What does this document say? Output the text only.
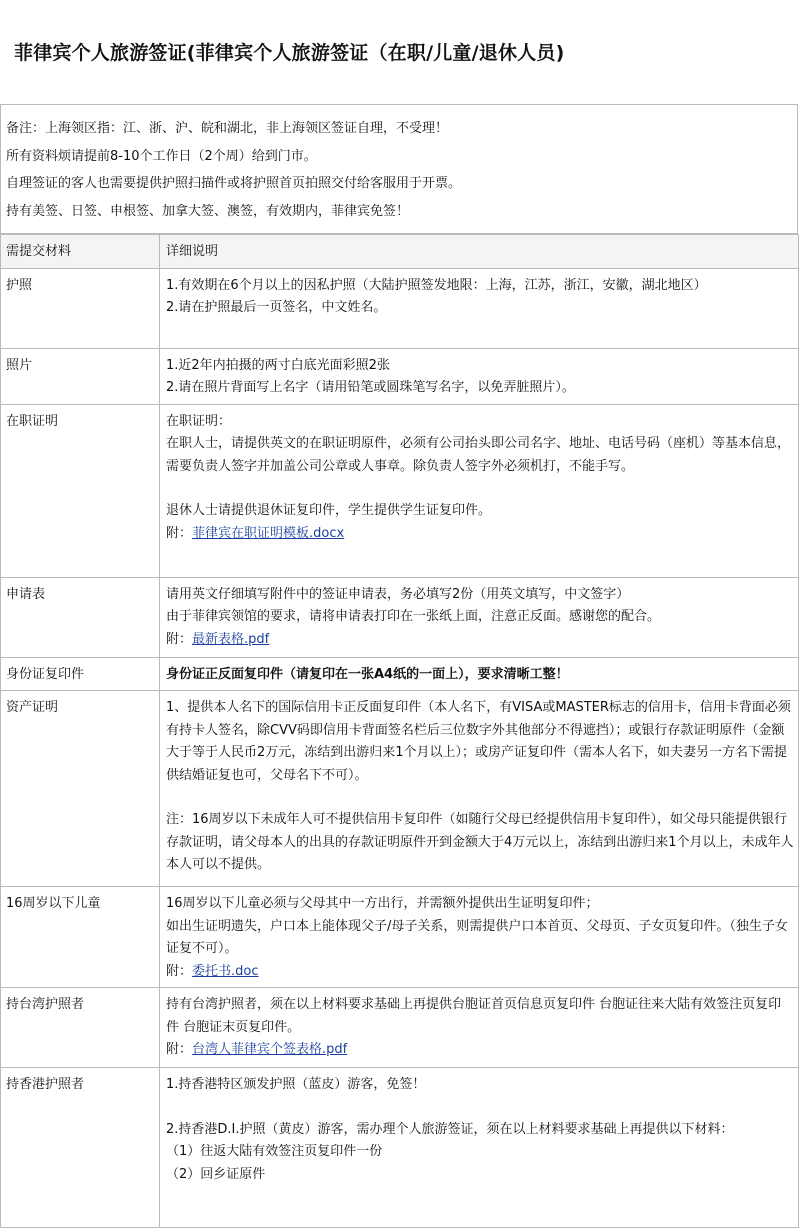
菲律宾个人旅游签证(菲律宾个人旅游签证（在职/儿童/退休人员)
备注：上海领区指：江、浙、沪、皖和湖北，非上海领区签证自理，不受理！
所有资料烦请提前8-10个工作日（2个周）给到门市。
自理签证的客人也需要提供护照扫描件或将护照首页拍照交付给客服用于开票。
持有美签、日签、申根签、加拿大签、澳签，有效期内，菲律宾免签！
需提交材料	详细说明
护照	1.有效期在6个月以上的因私护照（大陆护照签发地限：上海，江苏，浙江，安徽，湖北地区）
2.请在护照最后一页签名，中文姓名。

照片	1.近2年内拍摄的两寸白底光面彩照2张
2.请在照片背面写上名字（请用铅笔或圆珠笔写名字，以免弄脏照片）。

在职证明	在职证明：
在职人士，请提供英文的在职证明原件，必须有公司抬头即公司名字、地址、电话号码（座机）等基本信息，需要负责人签字并加盖公司公章或人事章。除负责人签字外必须机打，不能手写。
退休人士请提供退休证复印件，学生提供学生证复印件。
附：菲律宾在职证明模板.docx

申请表	请用英文仔细填写附件中的签证申请表，务必填写2份（用英文填写，中文签字）
由于菲律宾领馆的要求，请将申请表打印在一张纸上面，注意正反面。感谢您的配合。
附：最新表格.pdf

身份证复印件	身份证正反面复印件（请复印在一张A4纸的一面上），要求清晰工整！

资产证明	1、提供本人名下的国际信用卡正反面复印件（本人名下，有VISA或MASTER标志的信用卡，信用卡背面必须有持卡人签名，除CVV码即信用卡背面签名栏后三位数字外其他部分不得遮挡）；或银行存款证明原件（金额大于等于人民币2万元，冻结到出游归来1个月以上）；或房产证复印件（需本人名下，如夫妻另一方名下需提供结婚证复也可，父母名下不可）。
注：16周岁以下未成年人可不提供信用卡复印件（如随行父母已经提供信用卡复印件），如父母只能提供银行存款证明，请父母本人的出具的存款证明原件开到金额大于4万元以上，冻结到出游归来1个月以上，未成年人本人可以不提供。

16周岁以下儿童	16周岁以下儿童必须与父母其中一方出行，并需额外提供出生证明复印件；
如出生证明遗失，户口本上能体现父子/母子关系，则需提供户口本首页、父母页、子女页复印件。（独生子女证复不可）。
附：委托书.doc

持台湾护照者	持有台湾护照者，须在以上材料要求基础上再提供台胞证首页信息页复印件 台胞证往来大陆有效签注页复印件 台胞证末页复印件。
附：台湾人菲律宾个签表格.pdf

持香港护照者	1.持香港特区颁发护照（蓝皮）游客，免签！
2.持香港D.I.护照（黄皮）游客，需办理个人旅游签证，须在以上材料要求基础上再提供以下材料：
（1）往返大陆有效签注页复印件一份
（2）回乡证原件
